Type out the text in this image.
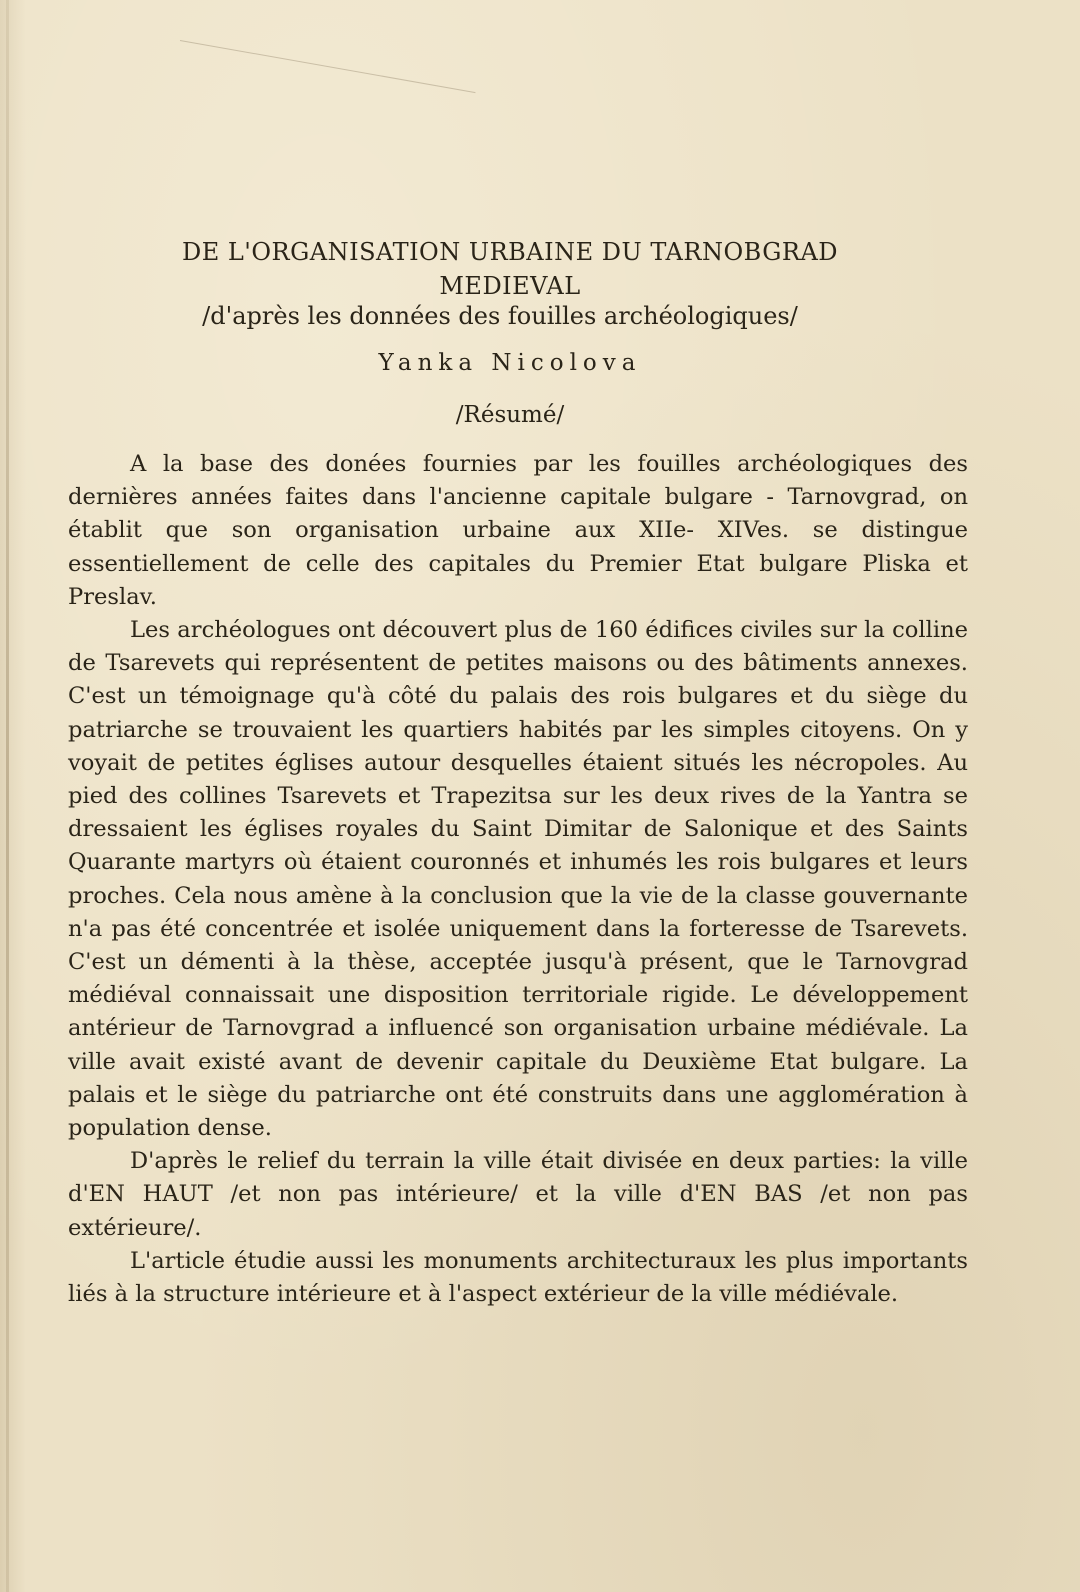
DE L'ORGANISATION URBAINE DU TARNOBGRAD
MEDIEVAL
/d'après les données des fouilles archéologiques/
Yanka Nicolova
/Résumé/

A la base des donées fournies par les fouilles archéologiques des dernières années faites dans l'ancienne capitale bulgare - Tarnovgrad, on établit que son organisation urbaine aux XIIe- XIVes. se distingue essentiellement de celle des capitales du Premier Etat bulgare Pliska et Preslav.

Les archéologues ont découvert plus de 160 édifices civiles sur la colline de Tsarevets qui représentent de petites maisons ou des bâtiments annexes. C'est un témoignage qu'à côté du palais des rois bulgares et du siège du patriarche se trouvaient les quartiers habités par les simples citoyens. On y voyait de petites églises autour desquelles étaient situés les nécropoles. Au pied des collines Tsarevets et Trapezitsa sur les deux rives de la Yantra se dressaient les églises royales du Saint Dimitar de Salonique et des Saints Quarante martyrs où étaient couronnés et inhumés les rois bulgares et leurs proches. Cela nous amène à la conclusion que la vie de la classe gouvernante n'a pas été concentrée et isolée uniquement dans la forteresse de Tsarevets. C'est un démenti à la thèse, acceptée jusqu'à présent, que le Tarnovgrad médiéval connaissait une disposition territoriale rigide. Le développement antérieur de Tarnovgrad a influencé son organisation urbaine médiévale. La ville avait existé avant de devenir capitale du Deuxième Etat bulgare. La palais et le siège du patriarche ont été construits dans une agglomération à population dense.

D'après le relief du terrain la ville était divisée en deux parties: la ville d'EN HAUT /et non pas intérieure/ et la ville d'EN BAS /et non pas extérieure/.

L'article étudie aussi les monuments architecturaux les plus importants liés à la structure intérieure et à l'aspect extérieur de la ville médiévale.
